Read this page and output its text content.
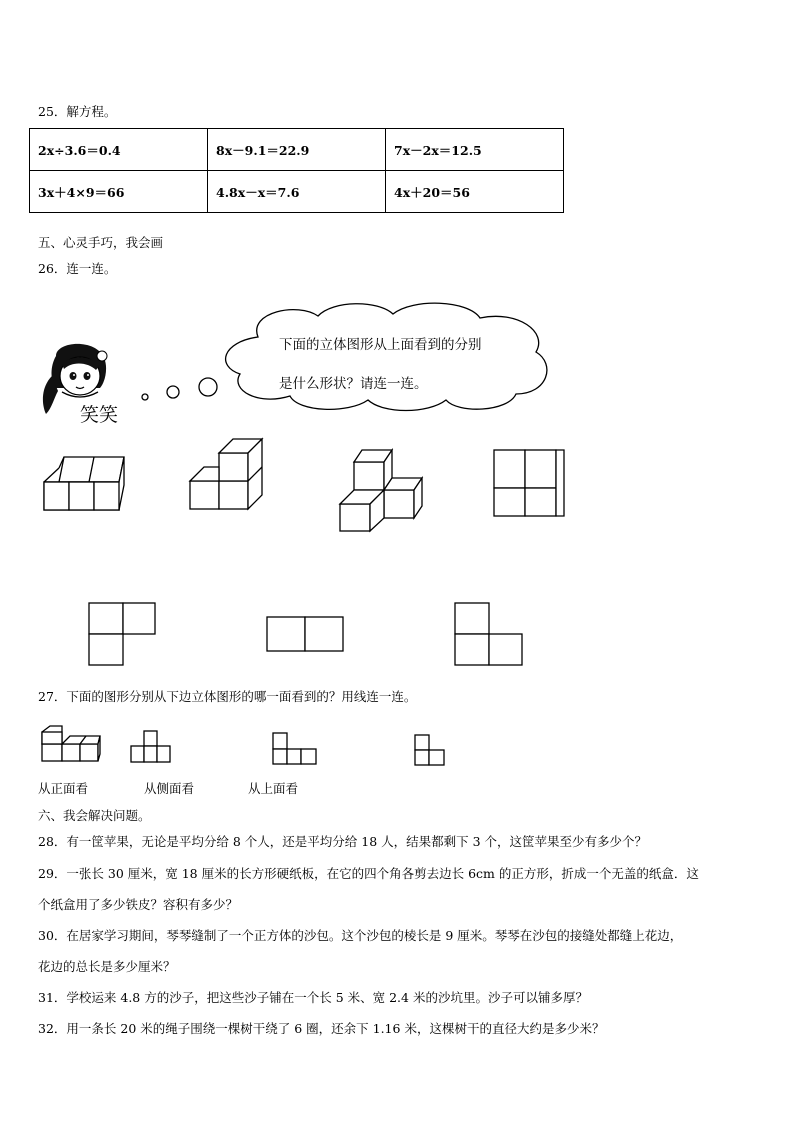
25．解方程。
2x÷3.6＝0.4	8x－9.1＝22.9	7x－2x＝12.5
3x＋4×9＝66	4.8x－x＝7.6	4x＋20＝56
五、心灵手巧，我会画
26．连一连。
笑笑
下面的立体图形从上面看到的分别
是什么形状？请连一连。
27．下面的图形分别从下边立体图形的哪一面看到的？用线连一连。
从正面看	从侧面看	从上面看
六、我会解决问题。
28．有一筐苹果，无论是平均分给 8 个人，还是平均分给 18 人，结果都剩下 3 个，这筐苹果至少有多少个？
29．一张长 30 厘米，宽 18 厘米的长方形硬纸板，在它的四个角各剪去边长 6cm 的正方形，折成一个无盖的纸盒．这
个纸盒用了多少铁皮？容积有多少？
30．在居家学习期间，琴琴缝制了一个正方体的沙包。这个沙包的棱长是 9 厘米。琴琴在沙包的接缝处都缝上花边，
花边的总长是多少厘米？
31．学校运来 4.8 方的沙子，把这些沙子铺在一个长 5 米、宽 2.4 米的沙坑里。沙子可以铺多厚？
32．用一条长 20 米的绳子围绕一棵树干绕了 6 圈，还余下 1.16 米，这棵树干的直径大约是多少米？
